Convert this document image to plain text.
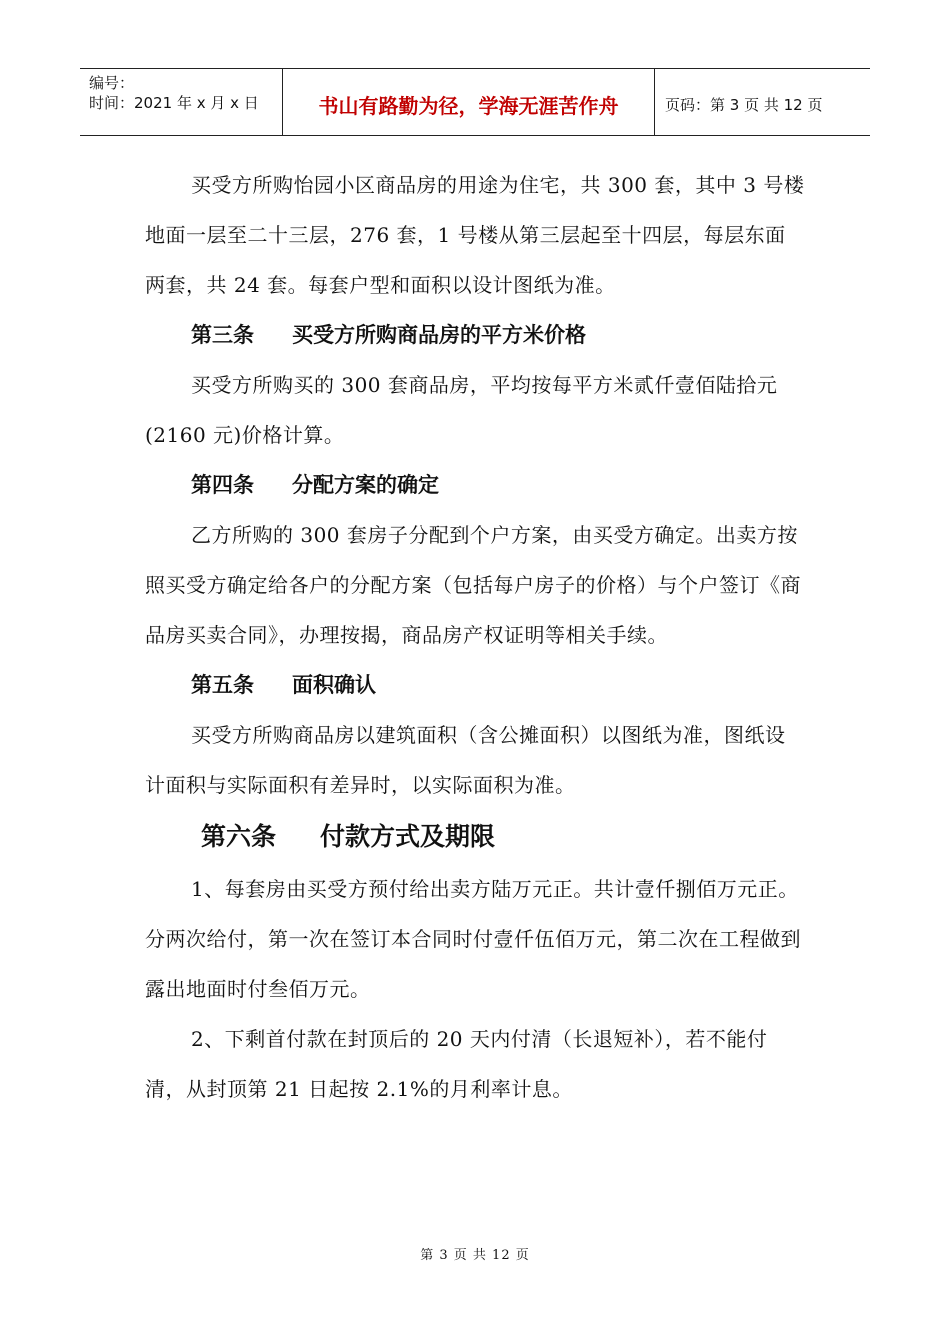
编号：
时间：2021 年 x 月 x 日	书山有路勤为径，学海无涯苦作舟	页码：第 3 页 共 12 页

买受方所购怡园小区商品房的用途为住宅，共 300 套，其中 3 号楼地面一层至二十三层，276 套，1 号楼从第三层起至十四层，每层东面两套，共 24 套。每套户型和面积以设计图纸为准。

第三条 买受方所购商品房的平方米价格

买受方所购买的 300 套商品房，平均按每平方米贰仟壹佰陆拾元(2160 元)价格计算。

第四条 分配方案的确定

乙方所购的 300 套房子分配到个户方案，由买受方确定。出卖方按照买受方确定给各户的分配方案（包括每户房子的价格）与个户签订《商品房买卖合同》，办理按揭，商品房产权证明等相关手续。

第五条 面积确认

买受方所购商品房以建筑面积（含公摊面积）以图纸为准，图纸设计面积与实际面积有差异时，以实际面积为准。

第六条 付款方式及期限

1、每套房由买受方预付给出卖方陆万元正。共计壹仟捌佰万元正。分两次给付，第一次在签订本合同时付壹仟伍佰万元，第二次在工程做到露出地面时付叁佰万元。

2、下剩首付款在封顶后的 20 天内付清（长退短补），若不能付清，从封顶第 21 日起按 2.1%的月利率计息。

第 3 页 共 12 页
